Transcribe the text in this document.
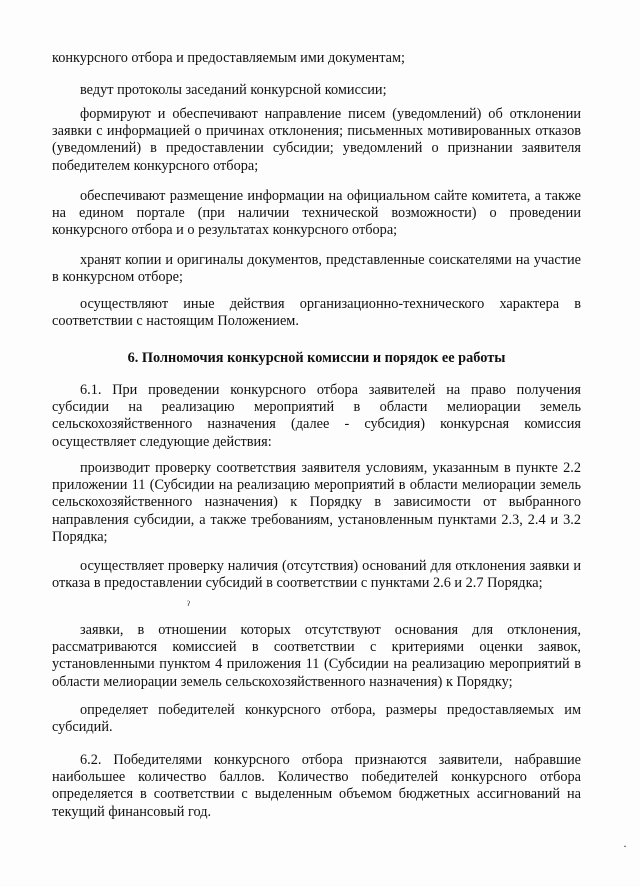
конкурсного отбора и предоставляемым ими документам;

ведут протоколы заседаний конкурсной комиссии;

формируют и обеспечивают направление писем (уведомлений) об отклонении заявки с информацией о причинах отклонения; письменных мотивированных отказов (уведомлений) в предоставлении субсидии; уведомлений о признании заявителя победителем конкурсного отбора;

обеспечивают размещение информации на официальном сайте комитета, а также на едином портале (при наличии технической возможности) о проведении конкурсного отбора и о результатах конкурсного отбора;

хранят копии и оригиналы документов, представленные соискателями на участие в конкурсном отборе;

осуществляют иные действия организационно-технического характера в соответствии с настоящим Положением.

6. Полномочия конкурсной комиссии и порядок ее работы

6.1. При проведении конкурсного отбора заявителей на право получения субсидии на реализацию мероприятий в области мелиорации земель сельскохозяйственного назначения (далее - субсидия) конкурсная комиссия осуществляет следующие действия:

производит проверку соответствия заявителя условиям, указанным в пункте 2.2 приложении 11 (Субсидии на реализацию мероприятий в области мелиорации земель сельскохозяйственного назначения) к Порядку в зависимости от выбранного направления субсидии, а также требованиям, установленным пунктами 2.3, 2.4 и 3.2 Порядка;

осуществляет проверку наличия (отсутствия) оснований для отклонения заявки и отказа в предоставлении субсидий в соответствии с пунктами 2.6 и 2.7 Порядка;

заявки, в отношении которых отсутствуют основания для отклонения, рассматриваются комиссией в соответствии с критериями оценки заявок, установленными пунктом 4 приложения 11 (Субсидии на реализацию мероприятий в области мелиорации земель сельскохозяйственного назначения) к Порядку;

определяет победителей конкурсного отбора, размеры предоставляемых им субсидий.

6.2. Победителями конкурсного отбора признаются заявители, набравшие наибольшее количество баллов. Количество победителей конкурсного отбора определяется в соответствии с выделенным объемом бюджетных ассигнований на текущий финансовый год.

ˀ
·
